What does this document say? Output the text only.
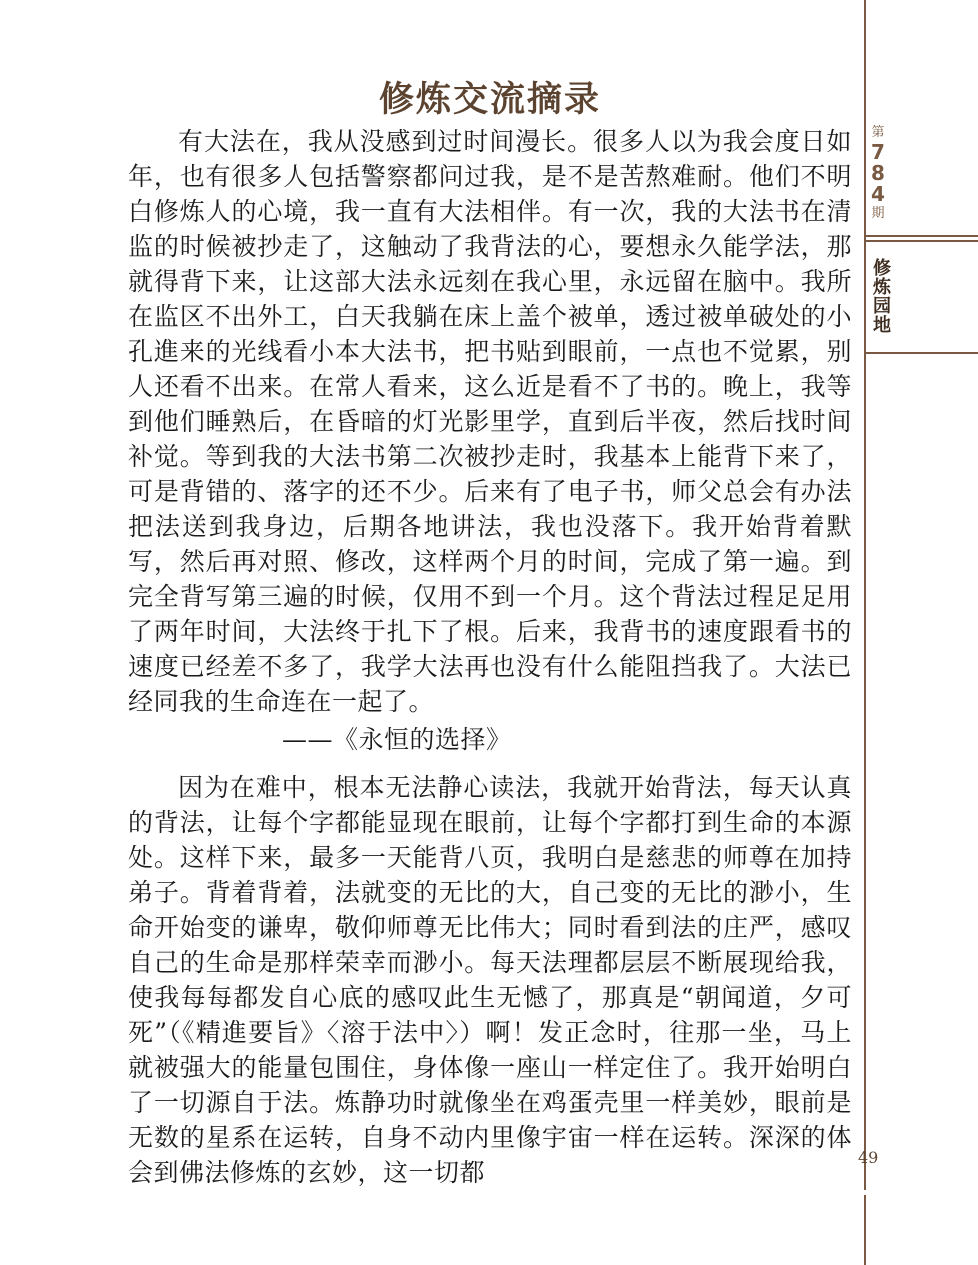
修炼交流摘录

有大法在，我从没感到过时间漫长。很多人以为我会度日如年，也有很多人包括警察都问过我，是不是苦熬难耐。他们不明白修炼人的心境，我一直有大法相伴。有一次，我的大法书在清监的时候被抄走了，这触动了我背法的心，要想永久能学法，那就得背下来，让这部大法永远刻在我心里，永远留在脑中。我所在监区不出外工，白天我躺在床上盖个被单，透过被单破处的小孔進来的光线看小本大法书，把书贴到眼前，一点也不觉累，别人还看不出来。在常人看来，这么近是看不了书的。晚上，我等到他们睡熟后，在昏暗的灯光影里学，直到后半夜，然后找时间补觉。等到我的大法书第二次被抄走时，我基本上能背下来了，可是背错的、落字的还不少。后来有了电子书，师父总会有办法把法送到我身边，后期各地讲法，我也没落下。我开始背着默写，然后再对照、修改，这样两个月的时间，完成了第一遍。到完全背写第三遍的时候，仅用不到一个月。这个背法过程足足用了两年时间，大法终于扎下了根。后来，我背书的速度跟看书的速度已经差不多了，我学大法再也没有什么能阻挡我了。大法已经同我的生命连在一起了。

——《永恒的选择》

因为在难中，根本无法静心读法，我就开始背法，每天认真的背法，让每个字都能显现在眼前，让每个字都打到生命的本源处。这样下来，最多一天能背八页，我明白是慈悲的师尊在加持弟子。背着背着，法就变的无比的大，自己变的无比的渺小，生命开始变的谦卑，敬仰师尊无比伟大；同时看到法的庄严，感叹自己的生命是那样荣幸而渺小。每天法理都层层不断展现给我，使我每每都发自心底的感叹此生无憾了，那真是“朝闻道，夕可死”（《精進要旨》〈溶于法中〉）啊！发正念时，往那一坐，马上就被强大的能量包围住，身体像一座山一样定住了。我开始明白了一切源自于法。炼静功时就像坐在鸡蛋壳里一样美妙，眼前是无数的星系在运转，自身不动内里像宇宙一样在运转。深深的体会到佛法修炼的玄妙，这一切都

第
7
8
4
期
修炼园地
49
